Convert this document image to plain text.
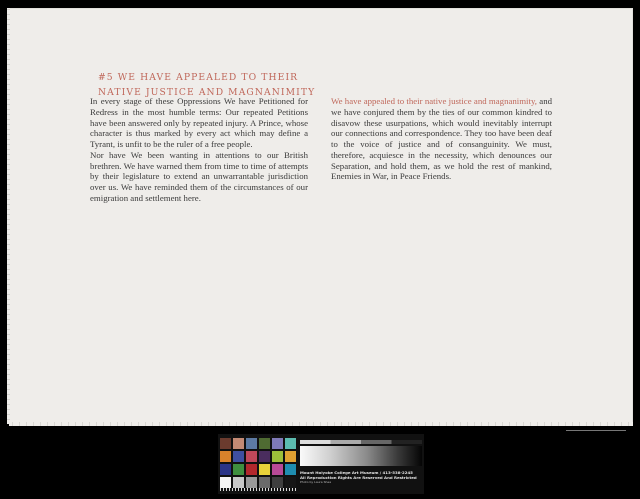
#5 WE HAVE APPEALED TO THEIR
NATIVE JUSTICE AND MAGNANIMITY

In every stage of these Oppressions We have Petitioned for Redress in the most humble terms: Our repeated Petitions have been answered only by repeated injury. A Prince, whose character is thus marked by every act which may define a Tyrant, is unfit to be the ruler of a free people.

Nor have We been wanting in attentions to our British brethren. We have warned them from time to time of attempts by their legislature to extend an unwarrantable jurisdiction over us. We have reminded them of the circumstances of our emigration and settlement here.

We have appealed to their native justice and magnanimity, and we have conjured them by the ties of our common kindred to disavow these usurpations, which would inevitably interrupt our connections and correspondence. They too have been deaf to the voice of justice and of consanguinity. We must, therefore, acquiesce in the necessity, which denounces our Separation, and hold them, as we hold the rest of mankind, Enemies in War, in Peace Friends.

Mount Holyoke College Art Museum / 413-538-2245
All Reproduction Rights Are Reserved And Restricted
Photo by Laura Shea
